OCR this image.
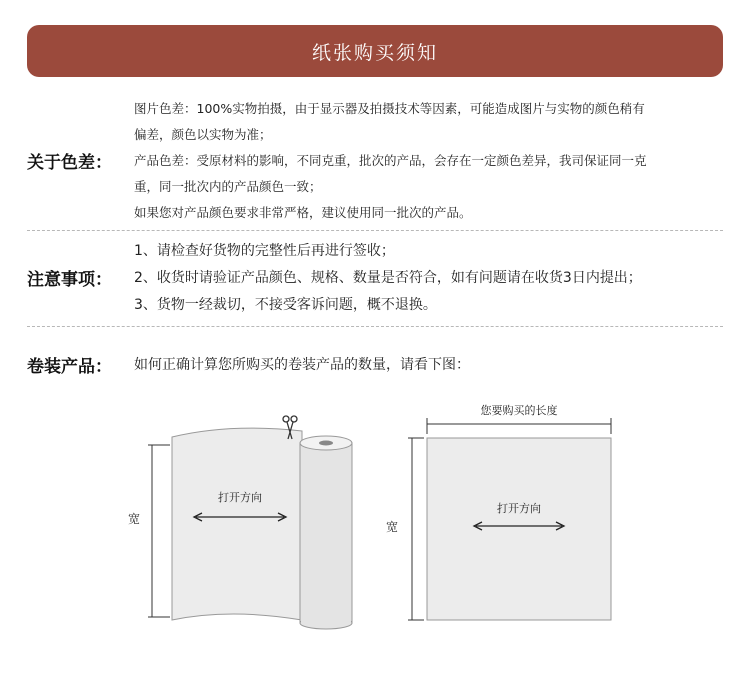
纸张购买须知
关于色差：

图片色差：100%实物拍摄，由于显示器及拍摄技术等因素，可能造成图片与实物的颜色稍有

偏差，颜色以实物为准；

产品色差：受原材料的影响，不同克重，批次的产品，会存在一定颜色差异，我司保证同一克

重，同一批次内的产品颜色一致；

如果您对产品颜色要求非常严格，建议使用同一批次的产品。

注意事项：

1、请检查好货物的完整性后再进行签收；

2、收货时请验证产品颜色、规格、数量是否符合，如有问题请在收货3日内提出；

3、货物一经裁切，不接受客诉问题，概不退换。

卷装产品： 如何正确计算您所购买的卷装产品的数量，请看下图：
宽
打开方向
您要购买的长度
宽
打开方向
